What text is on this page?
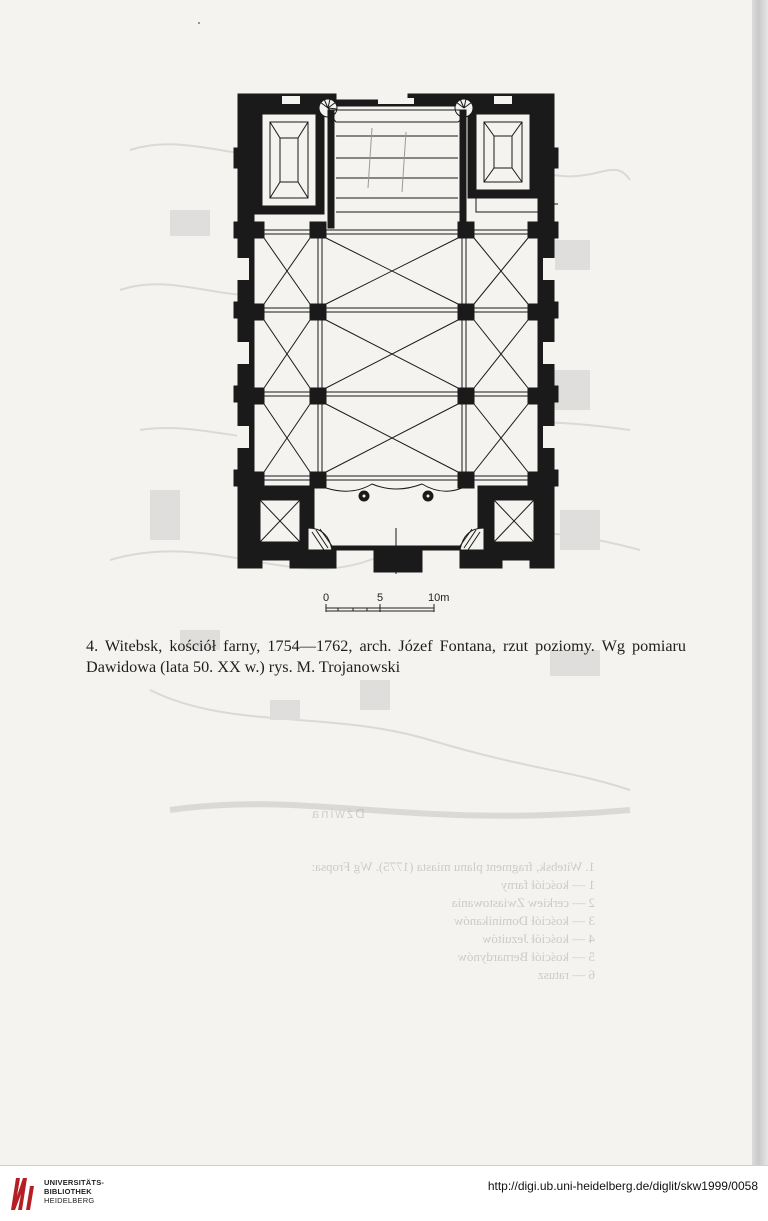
Dźwina
1. Witebsk, fragment planu miasta (1775). Wg Fropsa:
1 — kościół farny
2 — cerkiew Zwiastowania
3 — kościół Dominikanów
4 — kościół Jezuitów
5 — kościół Bernardynów
6 — ratusz
0	5	10m
4. Witebsk, kościół farny, 1754—1762, arch. Józef Fontana, rzut poziomy. Wg pomiaru Dawidowa (lata 50. XX w.) rys. M. Trojanowski
UNIVERSITÄTS-
BIBLIOTHEK
HEIDELBERG
http://digi.ub.uni-heidelberg.de/diglit/skw1999/0058
